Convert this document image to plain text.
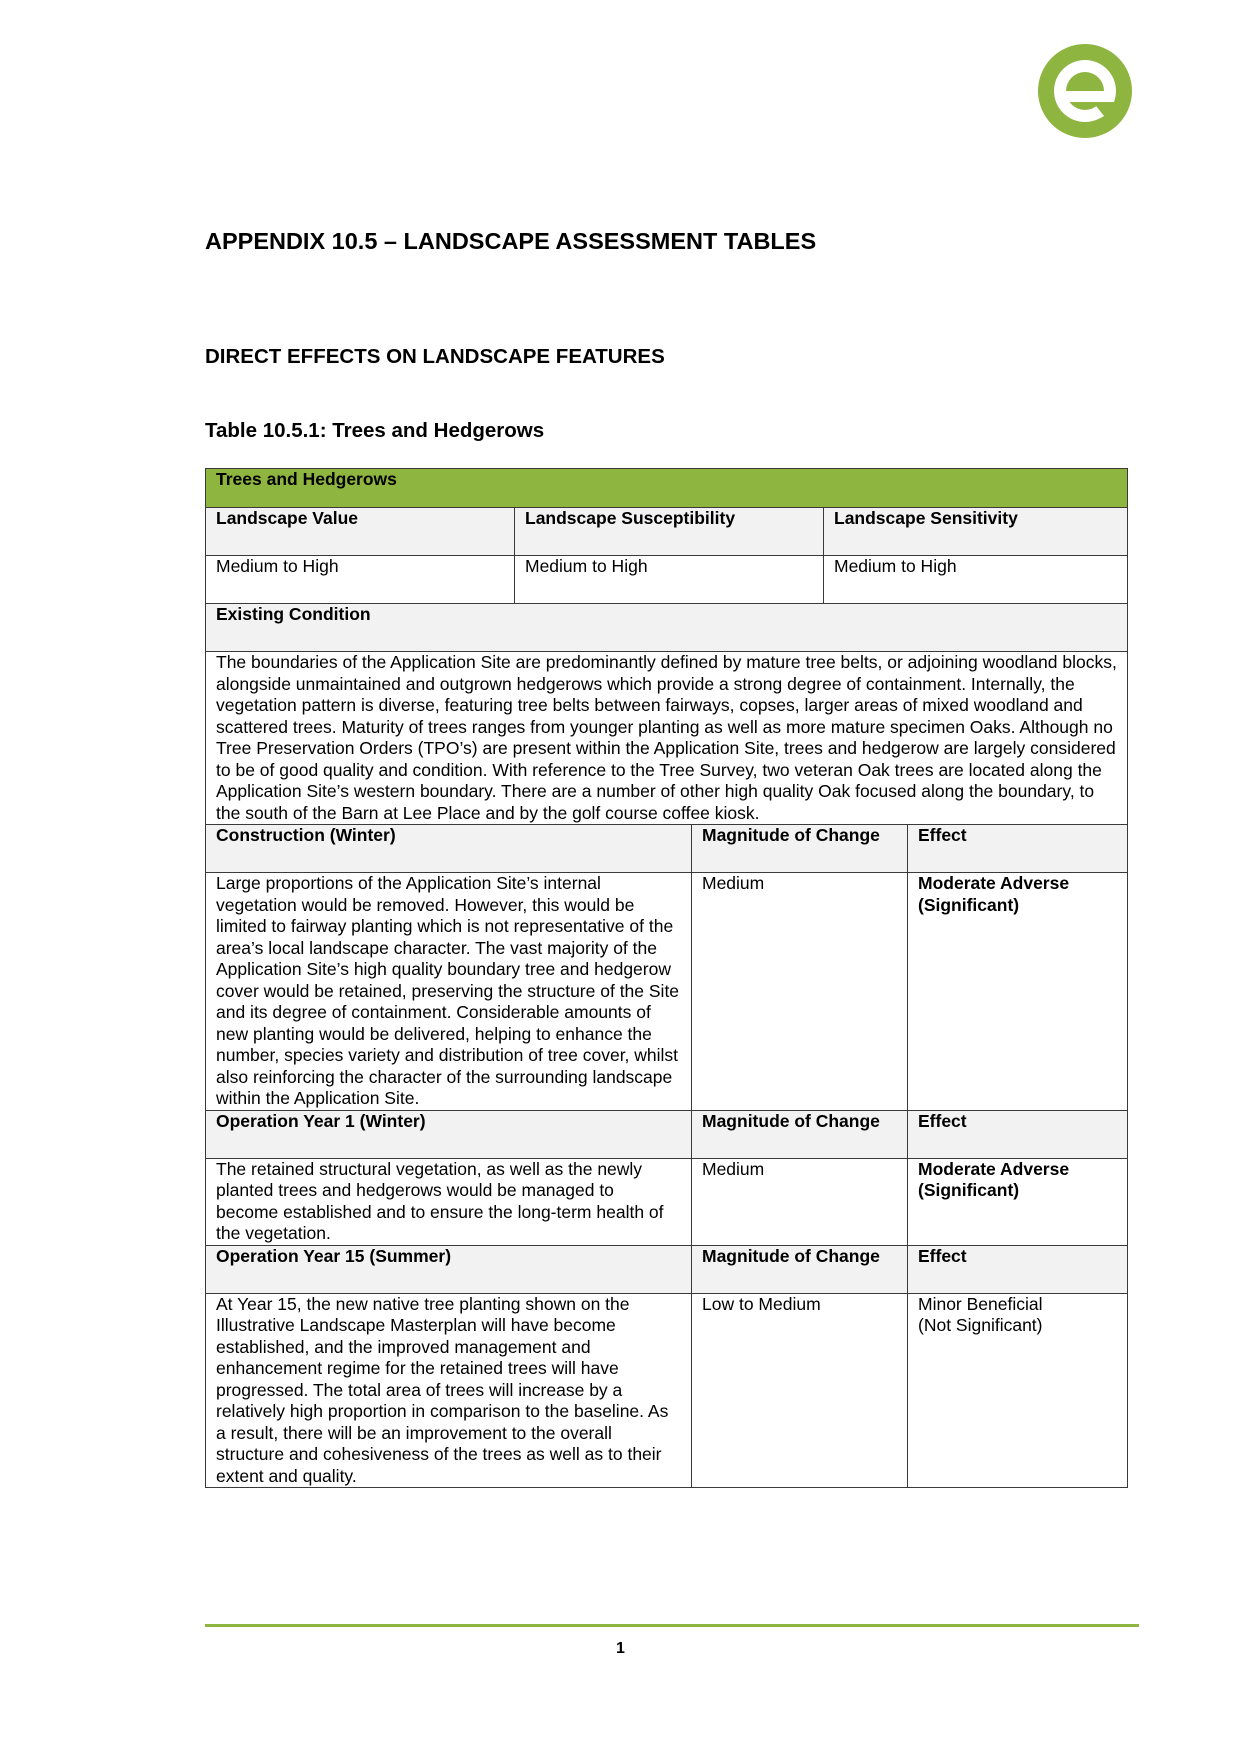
APPENDIX 10.5 – LANDSCAPE ASSESSMENT TABLES
DIRECT EFFECTS ON LANDSCAPE FEATURES
Table 10.5.1: Trees and Hedgerows
Trees and Hedgerows				
Landscape Value	Landscape Susceptibility		Landscape Sensitivity	
Medium to High	Medium to High		Medium to High	
Existing Condition				
The boundaries of the Application Site are predominantly defined by mature tree belts, or adjoining woodland blocks, alongside unmaintained and outgrown hedgerows which provide a strong degree of containment. Internally, the vegetation pattern is diverse, featuring tree belts between fairways, copses, larger areas of mixed woodland and scattered trees. Maturity of trees ranges from younger planting as well as more mature specimen Oaks. Although no Tree Preservation Orders (TPO’s) are present within the Application Site, trees and hedgerow are largely considered to be of good quality and condition. With reference to the Tree Survey, two veteran Oak trees are located along the Application Site’s western boundary. There are a number of other high quality Oak focused along the boundary, to the south of the Barn at Lee Place and by the golf course coffee kiosk.				
Construction (Winter)		Magnitude of Change		Effect
Large proportions of the Application Site’s internal vegetation would be removed. However, this would be limited to fairway planting which is not representative of the area’s local landscape character. The vast majority of the Application Site’s high quality boundary tree and hedgerow cover would be retained, preserving the structure of the Site and its degree of containment. Considerable amounts of new planting would be delivered, helping to enhance the number, species variety and distribution of tree cover, whilst also reinforcing the character of the surrounding landscape within the Application Site.		Medium		Moderate Adverse
(Significant)
Operation Year 1 (Winter)		Magnitude of Change		Effect
The retained structural vegetation, as well as the newly planted trees and hedgerows would be managed to become established and to ensure the long-term health of the vegetation.		Medium		Moderate Adverse
(Significant)
Operation Year 15 (Summer)		Magnitude of Change		Effect
At Year 15, the new native tree planting shown on the Illustrative Landscape Masterplan will have become established, and the improved management and enhancement regime for the retained trees will have progressed. The total area of trees will increase by a relatively high proportion in comparison to the baseline. As a result, there will be an improvement to the overall structure and cohesiveness of the trees as well as to their extent and quality.		Low to Medium		Minor Beneficial
(Not Significant)
1
